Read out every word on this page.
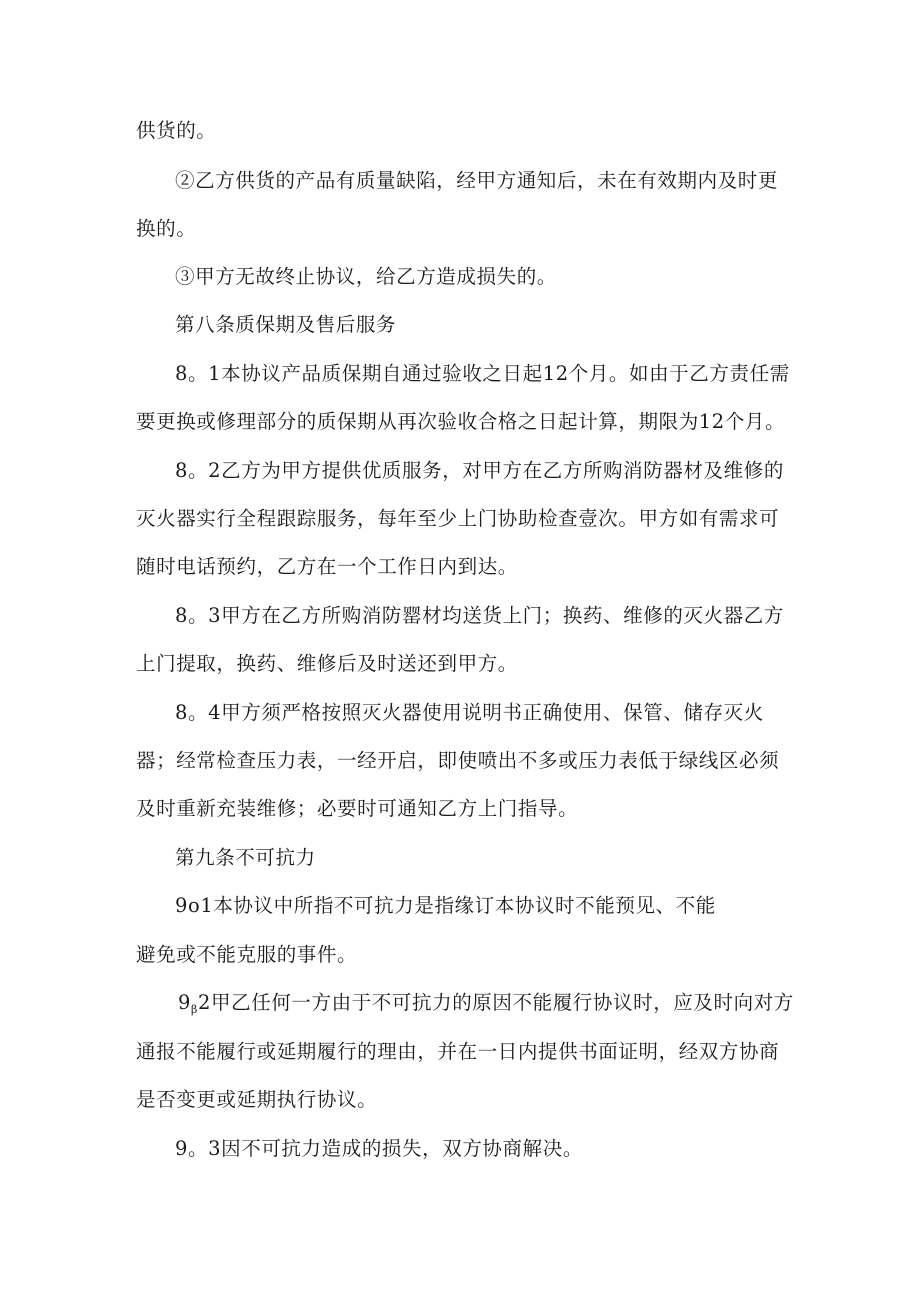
供货的。
②乙方供货的产品有质量缺陷，经甲方通知后，未在有效期内及时更
换的。
③甲方无故终止协议，给乙方造成损失的。
第八条质保期及售后服务
8。1本协议产品质保期自通过验收之日起12个月。如由于乙方责任需
要更换或修理部分的质保期从再次验收合格之日起计算，期限为12个月。
8。2乙方为甲方提供优质服务，对甲方在乙方所购消防器材及维修的
灭火器实行全程跟踪服务，每年至少上门协助检查壹次。甲方如有需求可
随时电话预约，乙方在一个工作日内到达。
8。3甲方在乙方所购消防罂材均送货上门；换药、维修的灭火器乙方
上门提取，换药、维修后及时送还到甲方。
8。4甲方须严格按照灭火器使用说明书正确使用、保管、储存灭火
器；经常检查压力表，一经开启，即使喷出不多或压力表低于绿线区必须
及时重新充装维修；必要时可通知乙方上门指导。
第九条不可抗力
9o1本协议中所指不可抗力是指缘订本协议时不能预见、不能
避免或不能克服的事件。
$9_\beta 2$甲乙任何一方由于不可抗力的原因不能履行协议时，应及时向对方
通报不能履行或延期履行的理由，并在一日内提供书面证明，经双方协商
是否变更或延期执行协议。
9。3因不可抗力造成的损失，双方协商解决。
